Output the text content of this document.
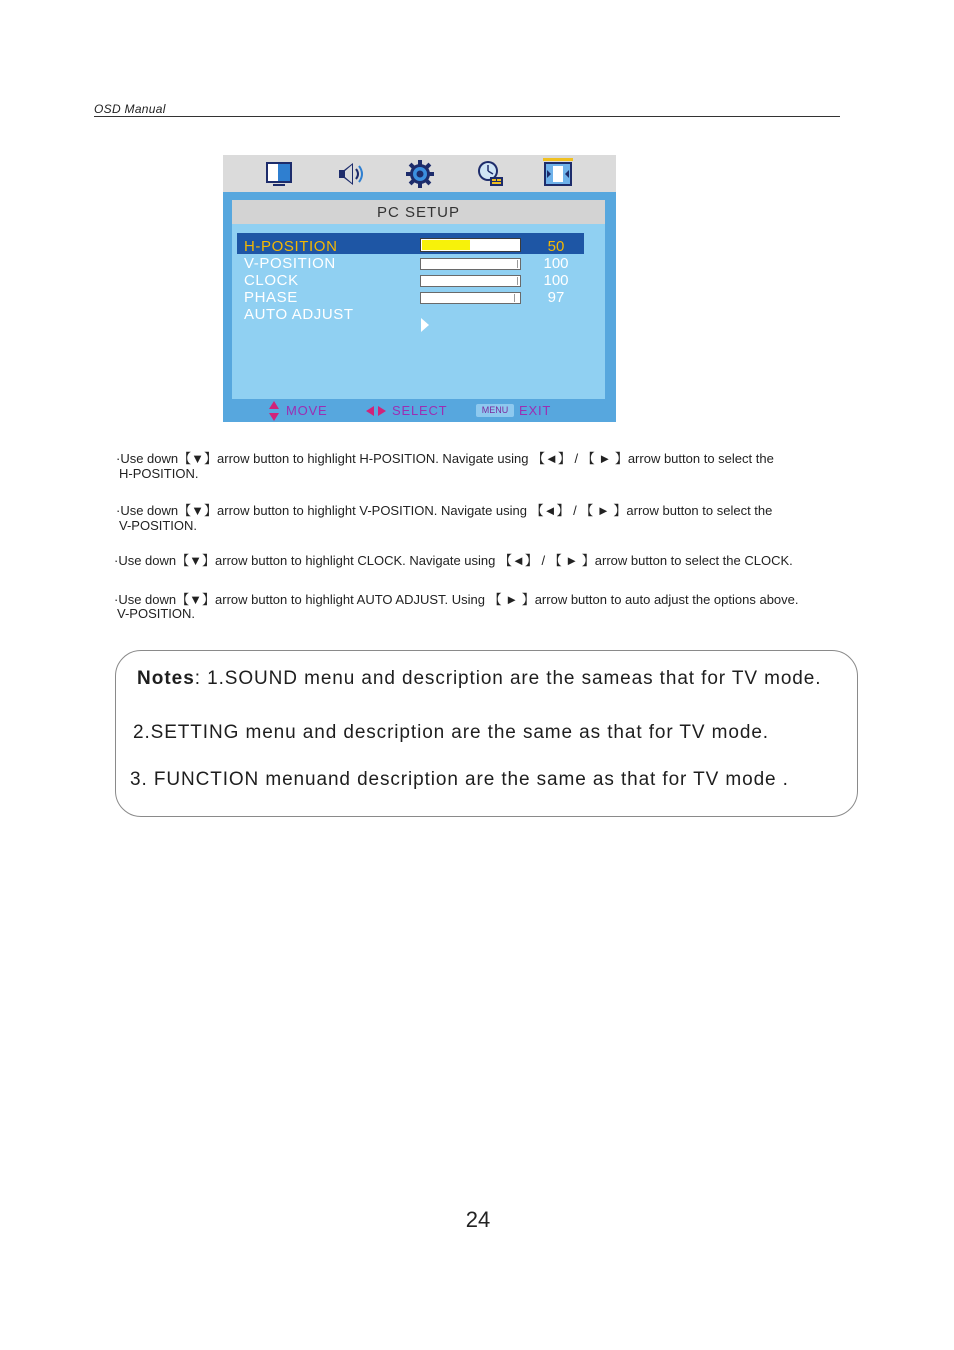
OSD Manual
PC SETUP
H-POSITION
V-POSITION
CLOCK
PHASE
AUTO ADJUST
50
100
100
97
MOVE	SELECT	MENU EXIT
·Use down【▼】arrow button to highlight H-POSITION. Navigate using 【◄】 / 【 ► 】arrow button to select the
H-POSITION.
·Use down【▼】arrow button to highlight V-POSITION. Navigate using 【◄】 / 【 ► 】arrow button to select the
V-POSITION.
·Use down【▼】arrow button to highlight CLOCK. Navigate using 【◄】 / 【 ► 】arrow button to select the CLOCK.
·Use down【▼】arrow button to highlight AUTO ADJUST. Using 【 ► 】arrow button to auto adjust the options above.
V-POSITION.
Notes: 1.SOUND menu and description are the sameas that for TV mode.
2.SETTING menu and description are the same as that for TV mode.
3. FUNCTION menuand description are the same as that for TV mode .
24
